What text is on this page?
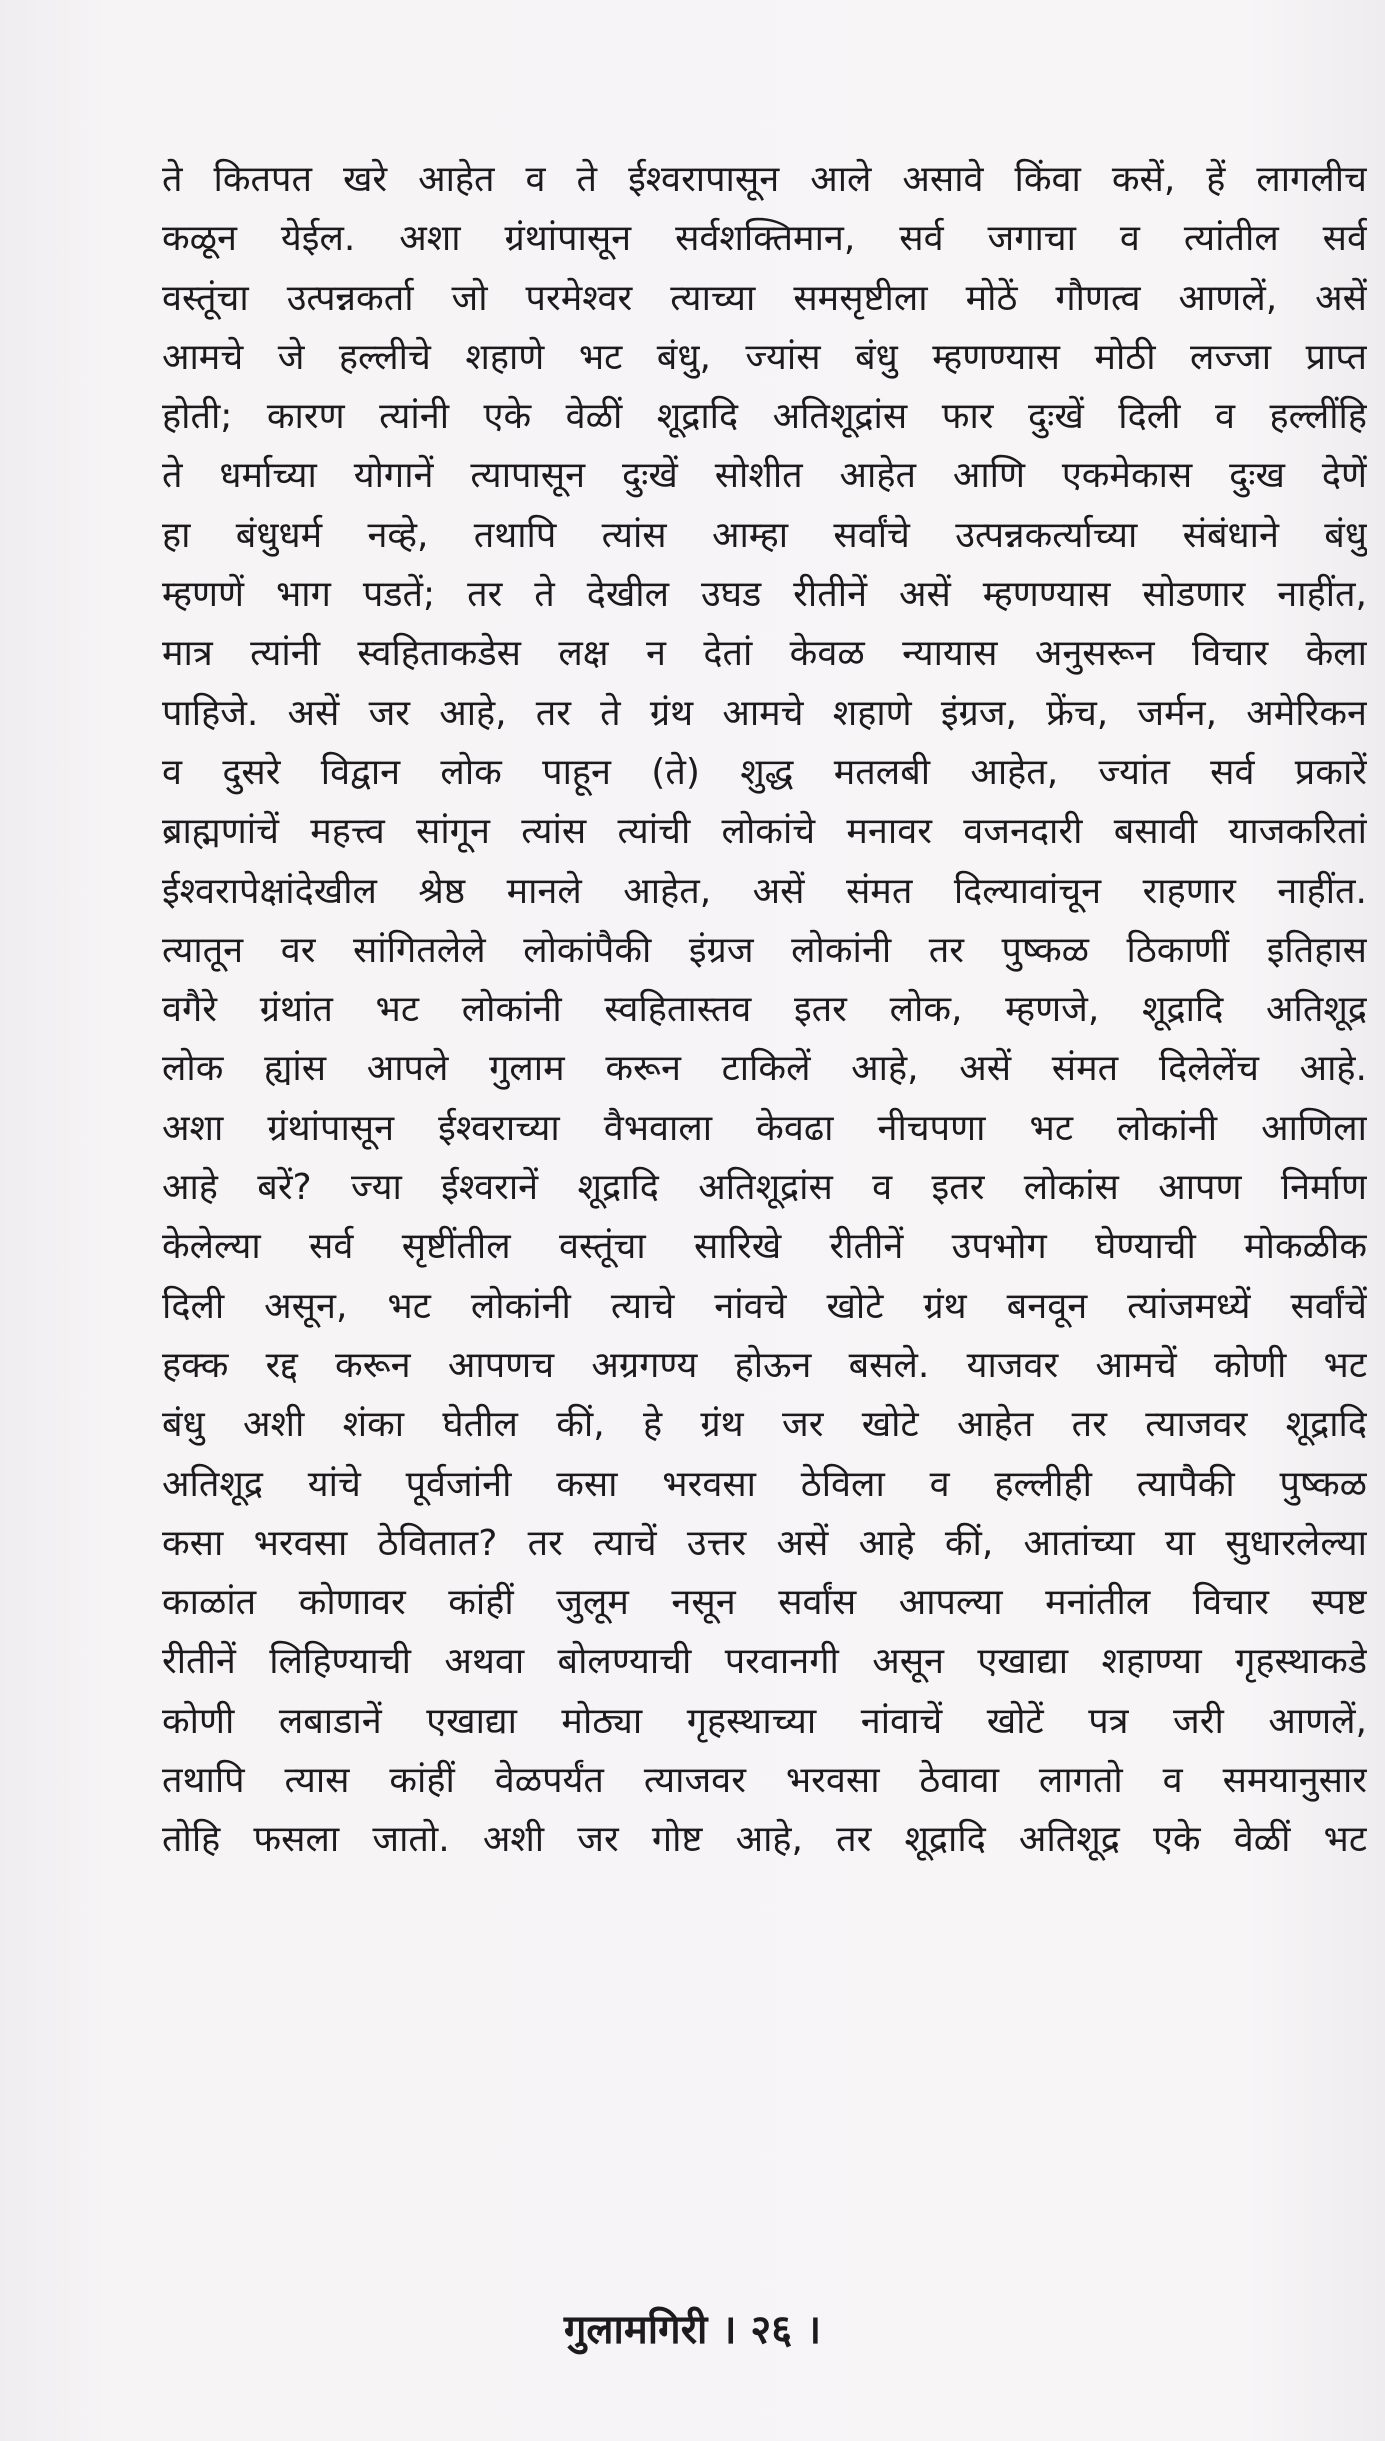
ते कितपत खरे आहेत व ते ईश्वरापासून आले असावे किंवा कसें, हें लागलीच
कळून येईल. अशा ग्रंथांपासून सर्वशक्तिमान, सर्व जगाचा व त्यांतील सर्व
वस्तूंचा उत्पन्नकर्ता जो परमेश्वर त्याच्या समसृष्टीला मोठें गौणत्व आणलें, असें
आमचे जे हल्लीचे शहाणे भट बंधु, ज्यांस बंधु म्हणण्यास मोठी लज्जा प्राप्त
होती; कारण त्यांनी एके वेळीं शूद्रादि अतिशूद्रांस फार दुःखें दिली व हल्लींहि
ते धर्माच्या योगानें त्यापासून दुःखें सोशीत आहेत आणि एकमेकास दुःख देणें
हा बंधुधर्म नव्हे, तथापि त्यांस आम्हा सर्वांचे उत्पन्नकर्त्याच्या संबंधाने बंधु
म्हणणें भाग पडतें; तर ते देखील उघड रीतीनें असें म्हणण्यास सोडणार नाहींत,
मात्र त्यांनी स्वहिताकडेस लक्ष न देतां केवळ न्यायास अनुसरून विचार केला
पाहिजे. असें जर आहे, तर ते ग्रंथ आमचे शहाणे इंग्रज, फ्रेंच, जर्मन, अमेरिकन
व दुसरे विद्वान लोक पाहून (ते) शुद्ध मतलबी आहेत, ज्यांत सर्व प्रकारें
ब्राह्मणांचें महत्त्व सांगून त्यांस त्यांची लोकांचे मनावर वजनदारी बसावी याजकरितां
ईश्वरापेक्षांदेखील श्रेष्ठ मानले आहेत, असें संमत दिल्यावांचून राहणार नाहींत.
त्यातून वर सांगितलेले लोकांपैकी इंग्रज लोकांनी तर पुष्कळ ठिकाणीं इतिहास
वगैरे ग्रंथांत भट लोकांनी स्वहितास्तव इतर लोक, म्हणजे, शूद्रादि अतिशूद्र
लोक ह्यांस आपले गुलाम करून टाकिलें आहे, असें संमत दिलेलेंच आहे.
अशा ग्रंथांपासून ईश्वराच्या वैभवाला केवढा नीचपणा भट लोकांनी आणिला
आहे बरें? ज्या ईश्वरानें शूद्रादि अतिशूद्रांस व इतर लोकांस आपण निर्माण
केलेल्या सर्व सृष्टींतील वस्तूंचा सारिखे रीतीनें उपभोग घेण्याची मोकळीक
दिली असून, भट लोकांनी त्याचे नांवचे खोटे ग्रंथ बनवून त्यांजमध्यें सर्वांचें
हक्क रद्द करून आपणच अग्रगण्य होऊन बसले. याजवर आमचें कोणी भट
बंधु अशी शंका घेतील कीं, हे ग्रंथ जर खोटे आहेत तर त्याजवर शूद्रादि
अतिशूद्र यांचे पूर्वजांनी कसा भरवसा ठेविला व हल्लीही त्यापैकी पुष्कळ
कसा भरवसा ठेवितात? तर त्याचें उत्तर असें आहे कीं, आतांच्या या सुधारलेल्या
काळांत कोणावर कांहीं जुलूम नसून सर्वांस आपल्या मनांतील विचार स्पष्ट
रीतीनें लिहिण्याची अथवा बोलण्याची परवानगी असून एखाद्या शहाण्या गृहस्थाकडे
कोणी लबाडानें एखाद्या मोठ्या गृहस्थाच्या नांवाचें खोटें पत्र जरी आणलें,
तथापि त्यास कांहीं वेळपर्यंत त्याजवर भरवसा ठेवावा लागतो व समयानुसार
तोहि फसला जातो. अशी जर गोष्ट आहे, तर शूद्रादि अतिशूद्र एके वेळीं भट
गुलामगिरी । २६ ।
